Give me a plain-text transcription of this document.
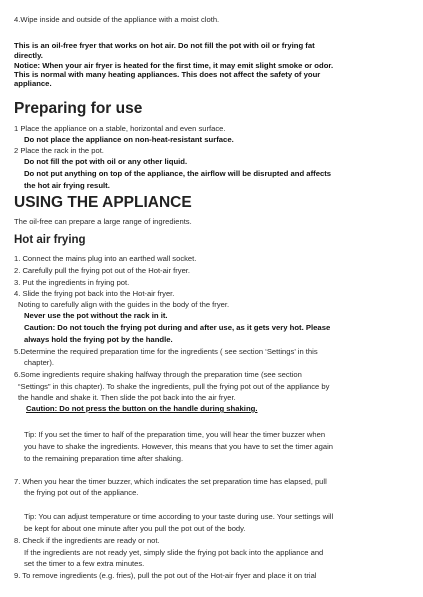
4.Wipe inside and outside of the appliance with a moist cloth.
This is an oil-free fryer that works on hot air. Do not fill the pot with oil or frying fat
directly.
Notice: When your air fryer is heated for the first time, it may emit slight smoke or odor.
This is normal with many heating appliances. This does not affect the safety of your
appliance.
Preparing for use
1 Place the appliance on a stable, horizontal and even surface.
Do not place the appliance on non-heat-resistant surface.
2 Place the rack in the pot.
Do not fill the pot with oil or any other liquid.
Do not put anything on top of the appliance, the airflow will be disrupted and affects
the hot air frying result.
USING THE APPLIANCE
The oil-free can prepare a large range of ingredients.
Hot air frying
1. Connect the mains plug into an earthed wall socket.
2. Carefully pull the frying pot out of the Hot-air fryer.
3. Put the ingredients in frying pot.
4. Slide the frying pot back into the Hot-air fryer.
Noting to carefully align with the guides in the body of the fryer.
Never use the pot without the rack in it.
Caution: Do not touch the frying pot during and after use, as it gets very hot. Please
always hold the frying pot by the handle.
5.Determine the required preparation time for the ingredients ( see section ‘Settings’ in this
chapter).
6.Some ingredients require shaking halfway through the preparation time (see section
“Settings” in this chapter). To shake the ingredients, pull the frying pot out of the appliance by
the handle and shake it. Then slide the pot back into the air fryer.
Caution: Do not press the button on the handle during shaking.
Tip: If you set the timer to half of the preparation time, you will hear the timer buzzer when
you have to shake the ingredients. However, this means that you have to set the timer again
to the remaining preparation time after shaking.
7. When you hear the timer buzzer, which indicates the set preparation time has elapsed, pull
the frying pot out of the appliance.
Tip: You can adjust temperature or time according to your taste during use. Your settings will
be kept for about one minute after you pull the pot out of the body.
8. Check if the ingredients are ready or not.
If the ingredients are not ready yet, simply slide the frying pot back into the appliance and
set the timer to a few extra minutes.
9. To remove ingredients (e.g. fries), pull the pot out of the Hot-air fryer and place it on trial
